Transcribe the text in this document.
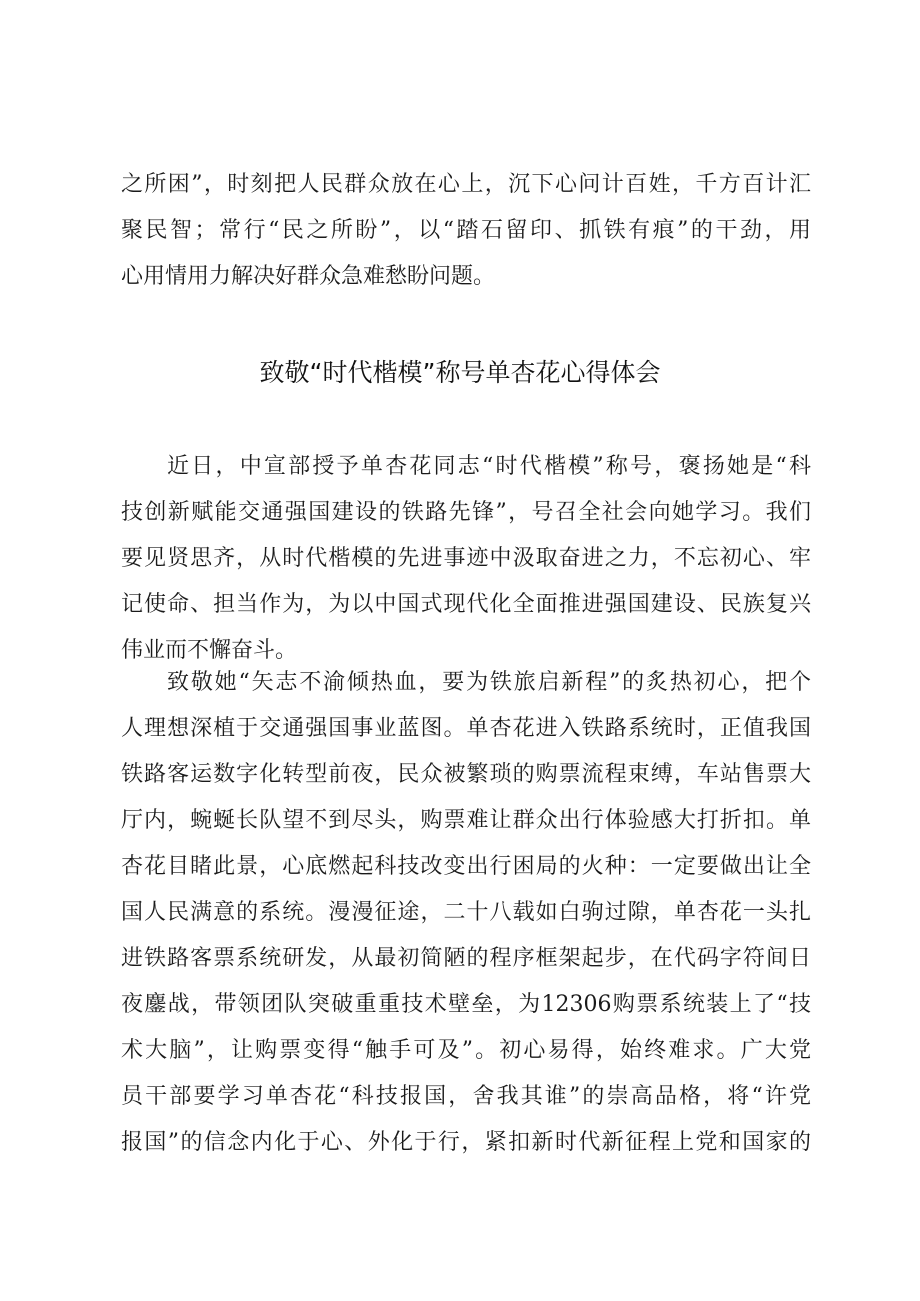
之所困”，时刻把人民群众放在心上，沉下心问计百姓，千方百计汇
聚民智；常行“民之所盼”，以“踏石留印、抓铁有痕”的干劲，用
心用情用力解决好群众急难愁盼问题。
致敬“时代楷模”称号单杏花心得体会
近日，中宣部授予单杏花同志“时代楷模”称号，褒扬她是“科
技创新赋能交通强国建设的铁路先锋”，号召全社会向她学习。我们
要见贤思齐，从时代楷模的先进事迹中汲取奋进之力，不忘初心、牢
记使命、担当作为，为以中国式现代化全面推进强国建设、民族复兴
伟业而不懈奋斗。
致敬她“矢志不渝倾热血，要为铁旅启新程”的炙热初心，把个
人理想深植于交通强国事业蓝图。单杏花进入铁路系统时，正值我国
铁路客运数字化转型前夜，民众被繁琐的购票流程束缚，车站售票大
厅内，蜿蜒长队望不到尽头，购票难让群众出行体验感大打折扣。单
杏花目睹此景，心底燃起科技改变出行困局的火种：一定要做出让全
国人民满意的系统。漫漫征途，二十八载如白驹过隙，单杏花一头扎
进铁路客票系统研发，从最初简陋的程序框架起步，在代码字符间日
夜鏖战，带领团队突破重重技术壁垒，为12306购票系统装上了“技
术大脑”，让购票变得“触手可及”。初心易得，始终难求。广大党
员干部要学习单杏花“科技报国，舍我其谁”的崇高品格，将“许党
报国”的信念内化于心、外化于行，紧扣新时代新征程上党和国家的
